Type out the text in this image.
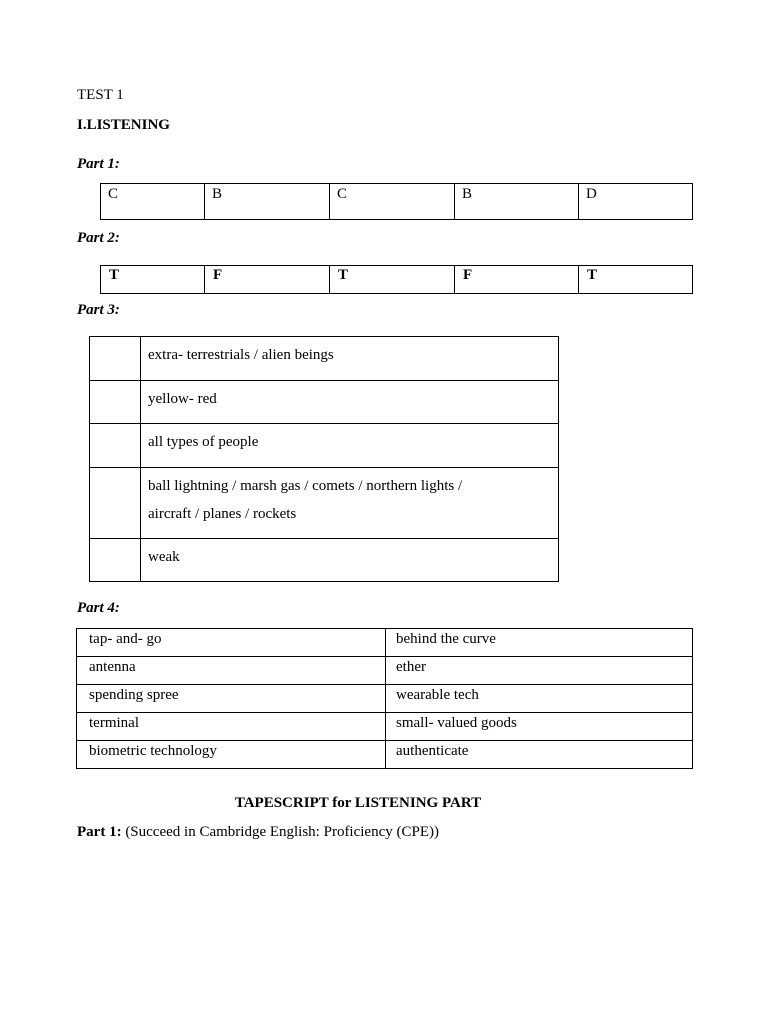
TEST 1
I.LISTENING
Part 1:
C	B	C	B	D
Part 2:
T	F	T	F	T
Part 3:

	extra- terrestrials / alien beings

	yellow- red

	all types of people

	ball lightning / marsh gas / comets / northern lights /
aircraft / planes / rockets

	weak
Part 4:
tap- and- go	behind the curve
antenna	ether
spending spree	wearable tech
terminal	small- valued goods
biometric technology	authenticate
TAPESCRIPT for LISTENING PART
Part 1: (Succeed in Cambridge English: Proficiency (CPE))
